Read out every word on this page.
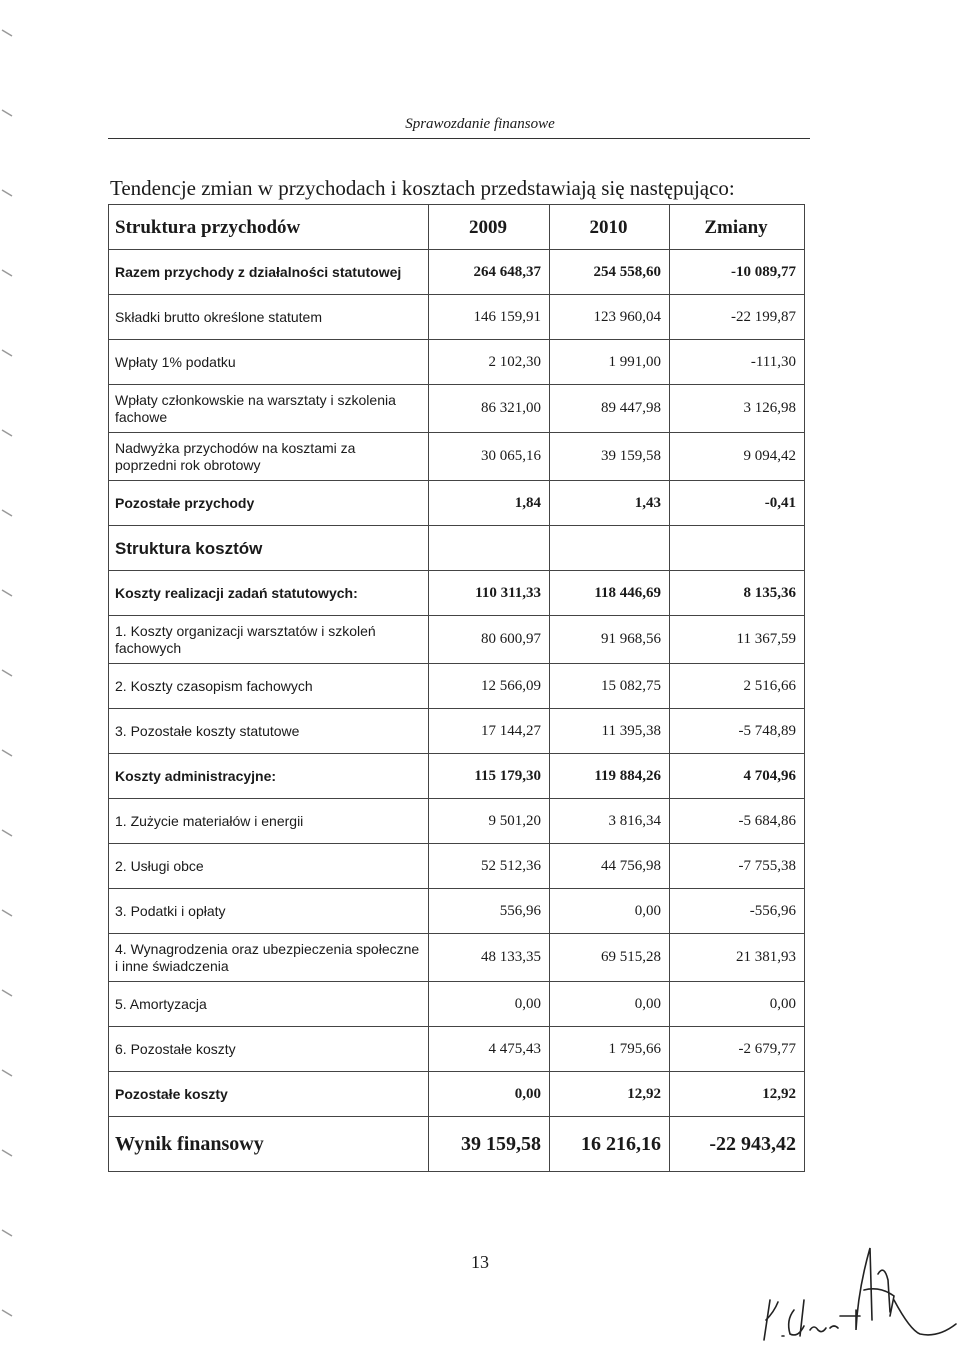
Sprawozdanie finansowe
Tendencje zmian w przychodach i kosztach przedstawiają się następująco:
Struktura przychodów	2009	2010	Zmiany
Razem przychody z działalności statutowej	264 648,37	254 558,60	-10 089,77
Składki brutto określone statutem	146 159,91	123 960,04	-22 199,87
Wpłaty 1% podatku	2 102,30	1 991,00	-111,30
Wpłaty członkowskie na warsztaty i szkolenia fachowe	86 321,00	89 447,98	3 126,98
Nadwyżka przychodów na kosztami za poprzedni rok obrotowy	30 065,16	39 159,58	9 094,42
Pozostałe przychody	1,84	1,43	-0,41
Struktura kosztów			
Koszty realizacji zadań statutowych:	110 311,33	118 446,69	8 135,36
1. Koszty organizacji warsztatów i szkoleń fachowych	80 600,97	91 968,56	11 367,59
2. Koszty czasopism fachowych	12 566,09	15 082,75	2 516,66
3. Pozostałe koszty statutowe	17 144,27	11 395,38	-5 748,89
Koszty administracyjne:	115 179,30	119 884,26	4 704,96
1. Zużycie materiałów i energii	9 501,20	3 816,34	-5 684,86
2. Usługi obce	52 512,36	44 756,98	-7 755,38
3. Podatki i opłaty	556,96	0,00	-556,96
4. Wynagrodzenia oraz ubezpieczenia społeczne i inne świadczenia	48 133,35	69 515,28	21 381,93
5. Amortyzacja	0,00	0,00	0,00
6. Pozostałe koszty	4 475,43	1 795,66	-2 679,77
Pozostałe koszty	0,00	12,92	12,92
Wynik finansowy	39 159,58	16 216,16	-22 943,42
13
